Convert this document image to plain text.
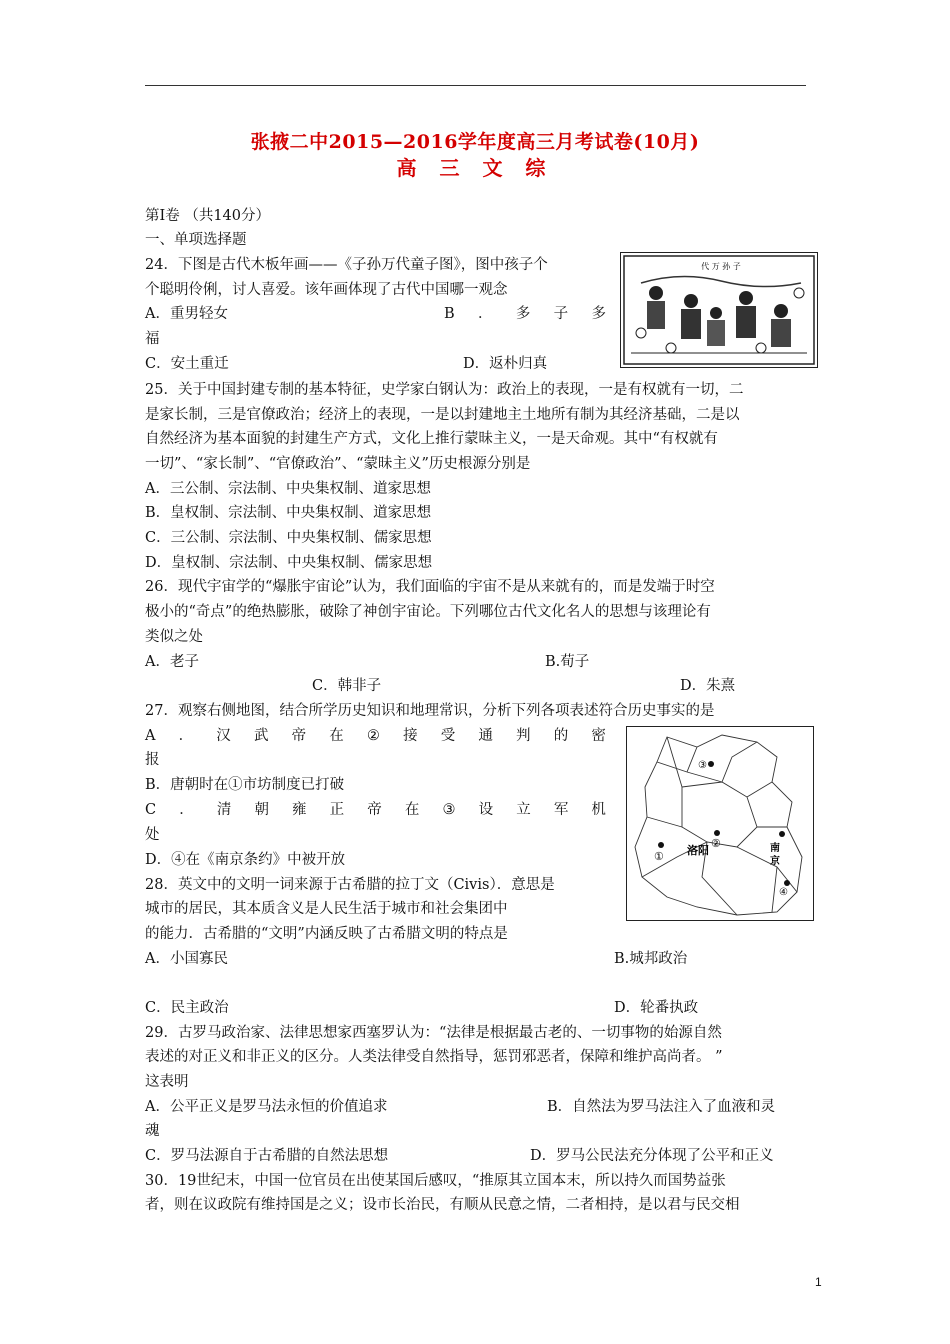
张掖二中2015—2016学年度高三月考试卷(10月)
高 三 文 综
第Ⅰ卷 （共140分）
一、单项选择题
24．下图是古代木板年画——《子孙万代童子图》，图中孩子个
个聪明伶俐，讨人喜爱。该年画体现了古代中国哪一观念
A．重男轻女	B ． 多 子 多
福
C．安土重迁	D．返朴归真
代 万 孙 子
25．关于中国封建专制的基本特征，史学家白钢认为：政治上的表现，一是有权就有一切，二
是家长制，三是官僚政治；经济上的表现，一是以封建地主土地所有制为其经济基础，二是以
自然经济为基本面貌的封建生产方式，文化上推行蒙昧主义，一是天命观。其中“有权就有
一切”、“家长制”、“官僚政治”、“蒙昧主义”历史根源分别是
A．三公制、宗法制、中央集权制、道家思想
B．皇权制、宗法制、中央集权制、道家思想
C．三公制、宗法制、中央集权制、儒家思想
D．皇权制、宗法制、中央集权制、儒家思想
26．现代宇宙学的“爆胀宇宙论”认为，我们面临的宇宙不是从来就有的，而是发端于时空
极小的“奇点”的绝热膨胀，破除了神创宇宙论。下列哪位古代文化名人的思想与该理论有
类似之处
A．老子	B.荀子
C．韩非子	D．朱熹
27．观察右侧地图，结合所学历史知识和地理常识，分析下列各项表述符合历史事实的是
A ． 汉 武 帝 在 ② 接 受 通 判 的 密
报
B．唐朝时在①市坊制度已打破
C ． 清 朝 雍 正 帝 在 ③ 设 立 军 机
处
D．④在《南京条约》中被开放
③
洛阳
②
①
南
京
④
28．英文中的文明一词来源于古希腊的拉丁文（Civis）．意思是
城市的居民，其本质含义是人民生活于城市和社会集团中
的能力．古希腊的“文明”内涵反映了古希腊文明的特点是
A．小国寡民	B.城邦政治
C．民主政治	D．轮番执政
29．古罗马政治家、法律思想家西塞罗认为：“法律是根据最古老的、一切事物的始源自然
表述的对正义和非正义的区分。人类法律受自然指导，惩罚邪恶者，保障和维护高尚者。 ”
这表明
A．公平正义是罗马法永恒的价值追求	B．自然法为罗马法注入了血液和灵
魂
C．罗马法源自于古希腊的自然法思想	D．罗马公民法充分体现了公平和正义
30．19世纪末，中国一位官员在出使某国后感叹，“推原其立国本末，所以持久而国势益张
者，则在议政院有维持国是之义；设市长治民，有顺从民意之情，二者相持，是以君与民交相
1
